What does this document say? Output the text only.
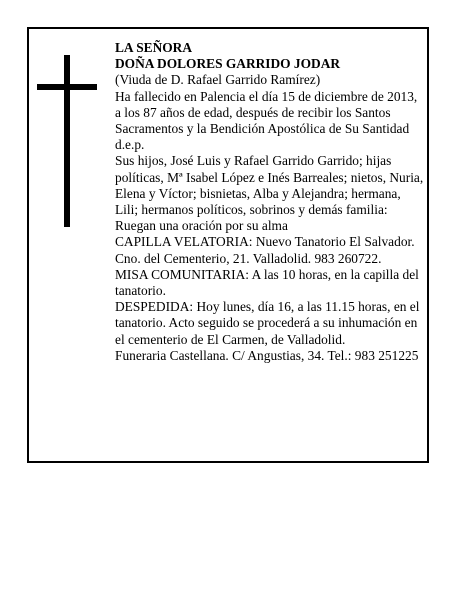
LA SEÑORA

DOÑA DOLORES GARRIDO JODAR

(Viuda de D. Rafael Garrido Ramírez)

Ha fallecido en Palencia el día 15 de diciembre de 2013, a los 87 años de edad, después de recibir los Santos Sacramentos y la Bendición Apostólica de Su Santidad

d.e.p.

Sus hijos, José Luis y Rafael Garrido Garrido; hijas políticas, Mª Isabel López e Inés Barreales; nietos, Nuria, Elena y Víctor; bisnietas, Alba y Alejandra; hermana, Lili; hermanos políticos, sobrinos y demás familia:

Ruegan una oración por su alma

CAPILLA VELATORIA: Nuevo Tanatorio El Salvador. Cno. del Cementerio, 21. Valladolid. 983 260722.

MISA COMUNITARIA: A las 10 horas, en la capilla del tanatorio.

DESPEDIDA: Hoy lunes, día 16, a las 11.15 horas, en el tanatorio. Acto seguido se procederá a su inhumación en el cementerio de El Carmen, de Valladolid.

Funeraria Castellana. C/ Angustias, 34. Tel.: 983 251225
